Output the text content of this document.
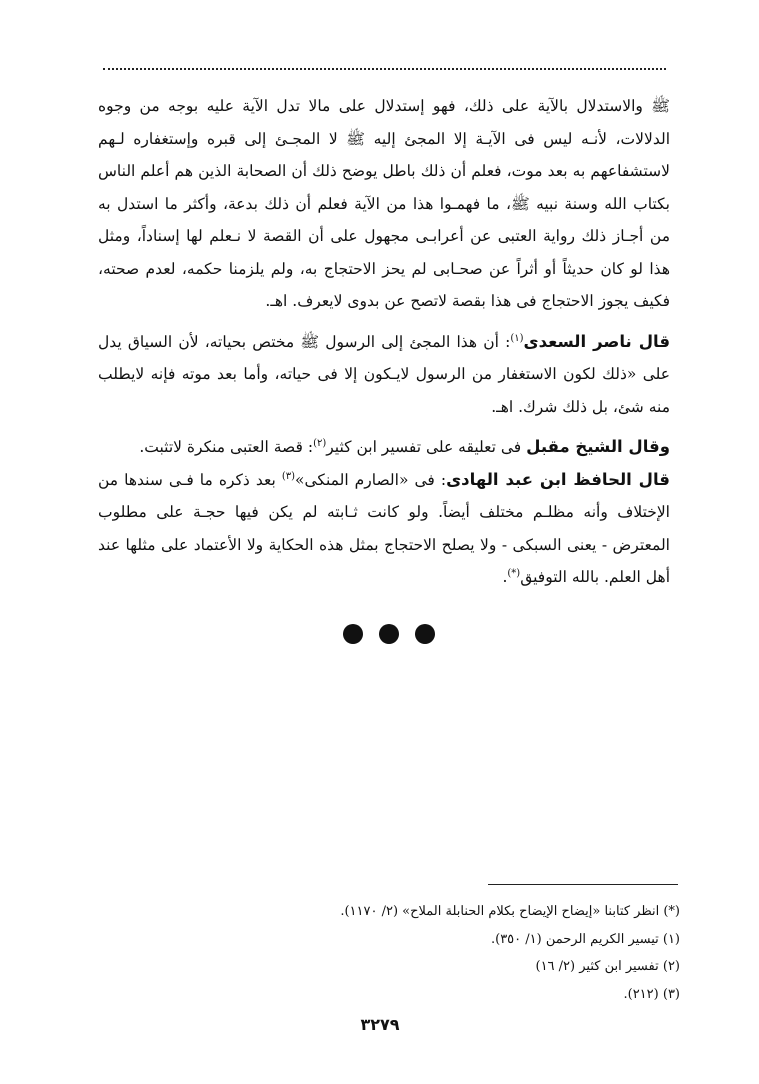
ﷺ والاستدلال بالآية على ذلك، فهو إستدلال على مالا تدل الآية عليه بوجه من وجوه الدلالات، لأنـه ليس فى الآيـة إلا المجئ إليه ﷺ لا المجـئ إلى قبره وإستغفاره لـهم لاستشفاعهم به بعد موت، فعلم أن ذلك باطل يوضح ذلك أن الصحابة الذين هم أعلم الناس بكتاب الله وسنة نبيه ﷺ، ما فهمـوا هذا من الآية فعلم أن ذلك بدعة، وأكثر ما استدل به من أجـاز ذلك رواية العتبى عن أعرابـى مجهول على أن القصة لا نـعلم لها إسناداً، ومثل هذا لو كان حديثاً أو أثراً عن صحـابى لم يحز الاحتجاج به، ولم يلزمنا حكمه، لعدم صحته، فكيف يجوز الاحتجاج فى هذا بقصة لاتصح عن بدوى لايعرف. اهـ.

قال ناصر السعدى$^{(١)}$: أن هذا المجئ إلى الرسول ﷺ مختص بحياته، لأن السياق يدل على «ذلك لكون الاستغفار من الرسول لايـكون إلا فى حياته، وأما بعد موته فإنه لايطلب منه شئ، بل ذلك شرك. اهـ.

وقال الشيخ مقبل فى تعليقه على تفسير ابن كثير$^{(٢)}$: قصة العتبى منكرة لاتثبت.

قال الحافظ ابن عبد الهادى: فى «الصارم المنكى»$^{(٣)}$ بعد ذكره ما فـى سندها من الإختلاف وأنه مظلـم مختلف أيضاً. ولو كانت ثـابته لم يكن فيها حجـة على مطلوب المعترض - يعنى السبكى - ولا يصلح الاحتجاج بمثل هذه الحكاية ولا الأعتماد على مثلها عند أهل العلم. بالله التوفيق(*).

(*) انظر كتابنا «إيضاح الإيضاح بكلام الحنابلة الملاح» (٢/ ١١٧٠).
(١) تيسير الكريم الرحمن (١/ ٣٥٠).
(٢) تفسير ابن كثير (٢/ ١٦)
(٣) (٢١٢).
٣٢٧٩
